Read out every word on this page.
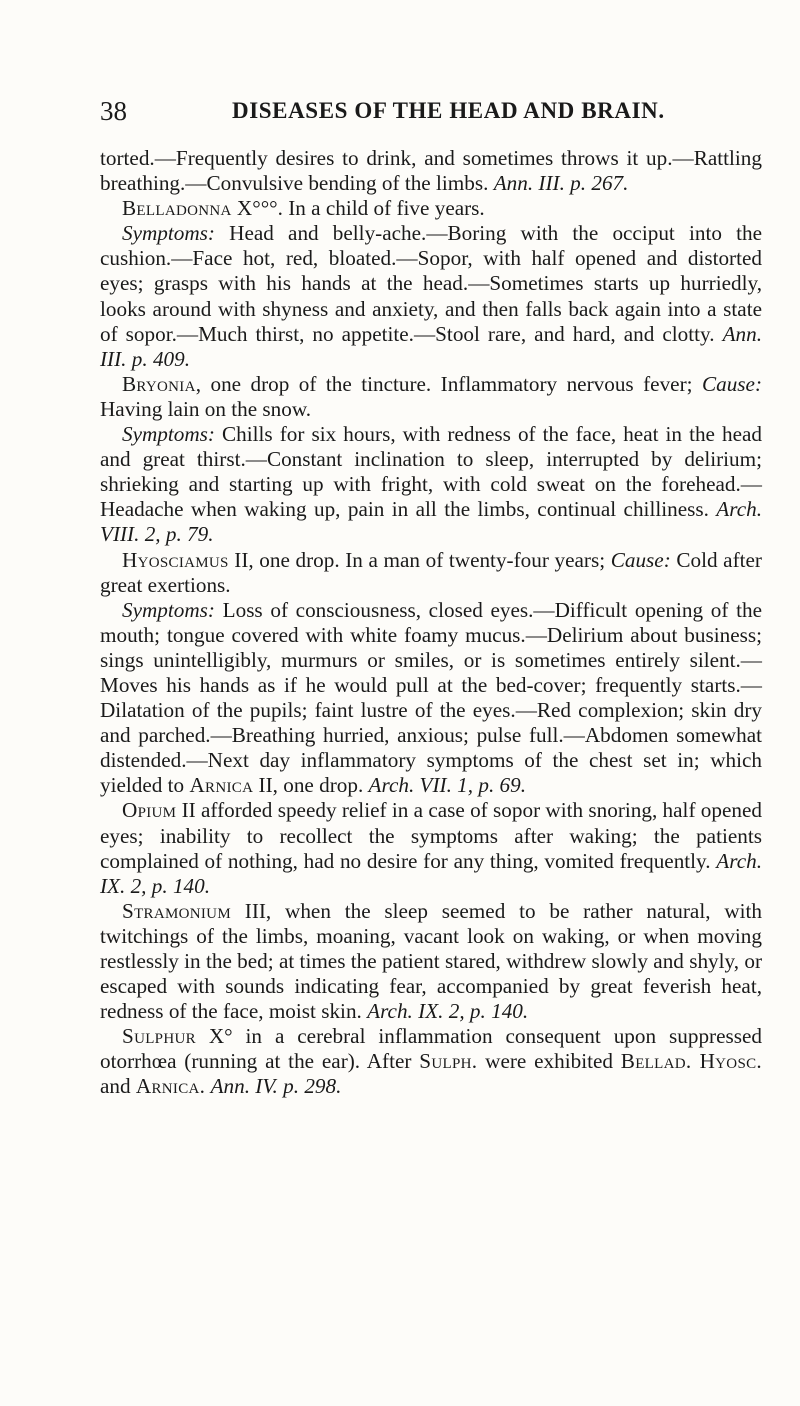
38	DISEASES OF THE HEAD AND BRAIN.

torted.—Frequently desires to drink, and sometimes throws it up.—Rattling breathing.—Convulsive bending of the limbs. Ann. III. p. 267.

Belladonna X°°°. In a child of five years.

Symptoms: Head and belly-ache.—Boring with the occiput into the cushion.—Face hot, red, bloated.—Sopor, with half opened and distorted eyes; grasps with his hands at the head.—Sometimes starts up hurriedly, looks around with shyness and anxiety, and then falls back again into a state of sopor.—Much thirst, no appetite.—Stool rare, and hard, and clotty. Ann. III. p. 409.

Bryonia, one drop of the tincture. Inflammatory nervous fever; Cause: Having lain on the snow.

Symptoms: Chills for six hours, with redness of the face, heat in the head and great thirst.—Constant inclination to sleep, interrupted by delirium; shrieking and starting up with fright, with cold sweat on the forehead.—Headache when waking up, pain in all the limbs, continual chilliness. Arch. VIII. 2, p. 79.

Hyosciamus II, one drop. In a man of twenty-four years; Cause: Cold after great exertions.

Symptoms: Loss of consciousness, closed eyes.—Difficult opening of the mouth; tongue covered with white foamy mucus.—Delirium about business; sings unintelligibly, murmurs or smiles, or is sometimes entirely silent.—Moves his hands as if he would pull at the bed-cover; frequently starts.—Dilatation of the pupils; faint lustre of the eyes.—Red complexion; skin dry and parched.—Breathing hurried, anxious; pulse full.—Abdomen somewhat distended.—Next day inflammatory symptoms of the chest set in; which yielded to Arnica II, one drop. Arch. VII. 1, p. 69.

Opium II afforded speedy relief in a case of sopor with snoring, half opened eyes; inability to recollect the symptoms after waking; the patients complained of nothing, had no desire for any thing, vomited frequently. Arch. IX. 2, p. 140.

Stramonium III, when the sleep seemed to be rather natural, with twitchings of the limbs, moaning, vacant look on waking, or when moving restlessly in the bed; at times the patient stared, withdrew slowly and shyly, or escaped with sounds indicating fear, accompanied by great feverish heat, redness of the face, moist skin. Arch. IX. 2, p. 140.

Sulphur X° in a cerebral inflammation consequent upon suppressed otorrhœa (running at the ear). After Sulph. were exhibited Bellad. Hyosc. and Arnica. Ann. IV. p. 298.
